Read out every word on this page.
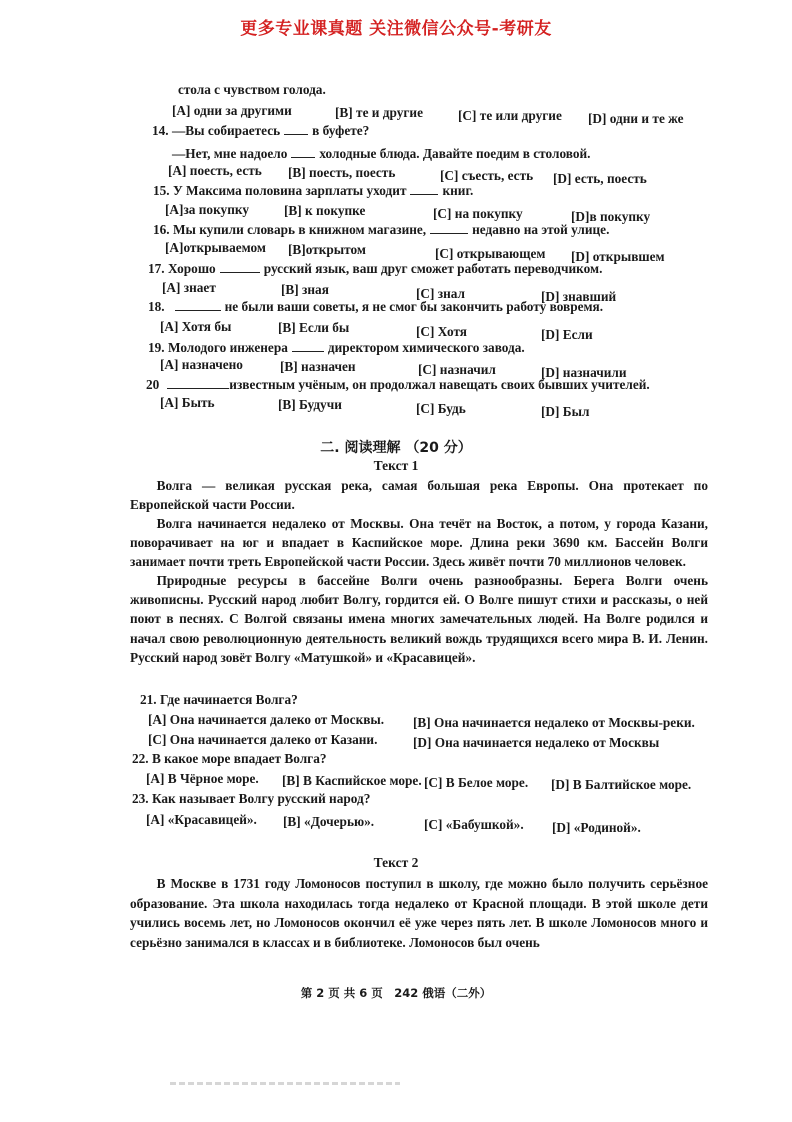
更多专业课真题 关注微信公众号-考研友
стола с чувством голода.
[A] одни за другими	[B] те и другие	[C] те или другие [D] одни и те же
14. —Вы собираетесь в буфете?
—Нет, мне надоело холодные блюда. Давайте поедим в столовой.
[A] поесть, есть [B] поесть, поесть	[C] съесть, есть [D] есть, поесть
15. У Максима половина зарплаты уходит	книг.
[A]за покупку	[B] к покупке	[C] на покупку	[D]в покупку
16. Мы купили словарь в книжном магазине,	недавно на этой улице.
[A]открываемом [B]открытом	[C] открывающем [D] открывшем
17. Хорошо	русский язык, ваш друг сможет работать переводчиком.
[A] знает	[B] зная	[C] знал	[D] знавший
18.	не были ваши советы, я не смог бы закончить работу вовремя.
[A] Хотя бы	[B] Если бы	[C] Хотя	[D] Если
19. Молодого инженера	директором химического завода.
[A] назначено	[B] назначен	[C] назначил	[D] назначили
20	известным учёным, он продолжал навещать своих бывших учителей.
[A] Быть	[B] Будучи	[C] Будь	[D] Был
二. 阅读理解 （20 分）
Текст 1
Волга — великая русская река, самая большая река Европы. Она протекает по Европейской части России.
Волга начинается недалеко от Москвы. Она течёт на Восток, а потом, у города Казани, поворачивает на юг и впадает в Каспийское море. Длина реки 3690 км. Бассейн Волги занимает почти треть Европейской части России. Здесь живёт почти 70 миллионов человек.
Природные ресурсы в бассейне Волги очень разнообразны. Берега Волги очень живописны. Русский народ любит Волгу, гордится ей. О Волге пишут стихи и рассказы, о ней поют в песнях. С Волгой связаны имена многих замечательных людей. На Волге родился и начал свою революционную деятельность великий вождь трудящихся всего мира В. И. Ленин. Русский народ зовёт Волгу «Матушкой» и «Красавицей».
21. Где начинается Волга?
[A] Она начинается далеко от Москвы. [B] Она начинается недалеко от Москвы-реки.
[C] Она начинается далеко от Казани.	[D] Она начинается недалеко от Москвы
22. В какое море впадает Волга?
[A] В Чёрное море. [B] В Каспийское море. [C] В Белое море. [D] В Балтийское море.
23. Как называет Волгу русский народ?
[A] «Красавицей». [B] «Дочерью».	[C] «Бабушкой». [D] «Родиной».
Текст 2
В Москве в 1731 году Ломоносов поступил в школу, где можно было получить серьёзное образование. Эта школа находилась тогда недалеко от Красной площади. В этой школе дети учились восемь лет, но Ломоносов окончил её уже через пять лет. В школе Ломоносов много и серьёзно занимался в классах и в библиотеке. Ломоносов был очень
第 2 页 共 6 页　242 俄语（二外）
